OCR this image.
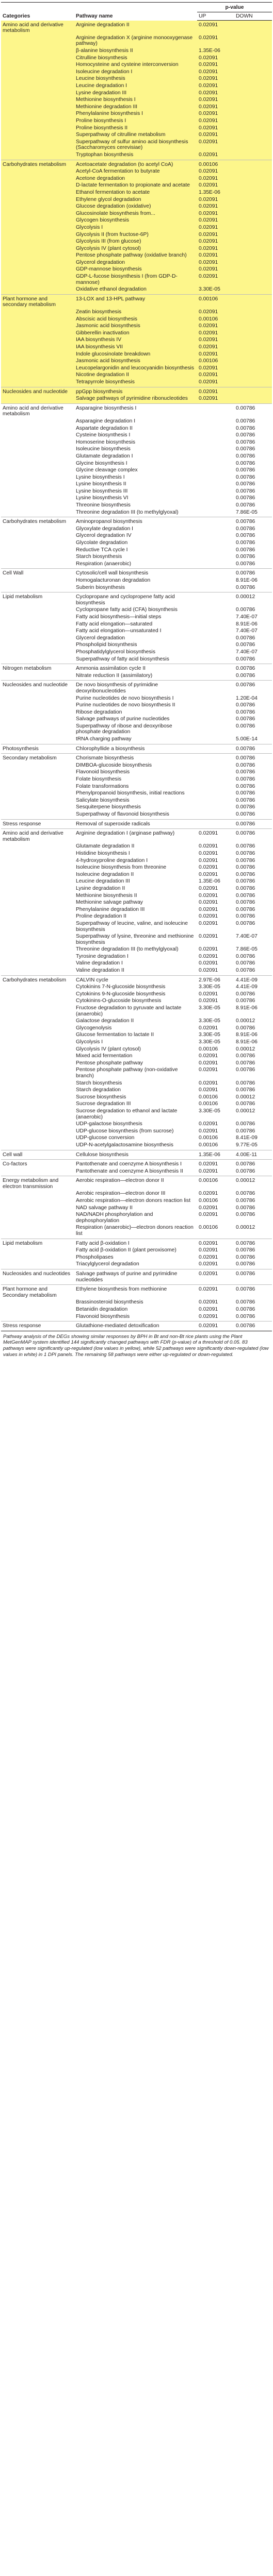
Categories	Pathway name	p-value	
		UP	DOWN
Amino acid and derivative metabolism	Arginine degradation II	0.02091	
	Arginine degradation X (arginine monooxygenase pathway)	0.02091	
	β-alanine biosynthesis II	1.35E-06	
	Citrulline biosynthesis	0.02091	
	Homocysteine and cysteine interconversion	0.02091	
	Isoleucine degradation I	0.02091	
	Leucine biosynthesis	0.02091	
	Leucine degradation I	0.02091	
	Lysine degradation III	0.02091	
	Methionine biosynthesis I	0.02091	
	Methionine degradation III	0.02091	
	Phenylalanine biosynthesis I	0.02091	
	Proline biosynthesis I	0.02091	
	Proline biosynthesis II	0.02091	
	Superpathway of citrulline metabolism	0.02091	
	Superpathway of sulfur amino acid biosynthesis (Saccharomyces cerevisiae)	0.02091	
	Tryptophan biosynthesis	0.02091	
Carbohydrates metabolism	Acetoacetate degradation (to acetyl CoA)	0.00106	
	Acetyl-CoA fermentation to butyrate	0.02091	
	Acetone degradation	0.02091	
	D-lactate fermentation to propionate and acetate	0.02091	
	Ethanol fermentation to acetate	1.35E-06	
	Ethylene glycol degradation	0.02091	
	Glucose degradation (oxidative)	0.02091	
	Glucosinolate biosynthesis from...	0.02091	
	Glycogen biosynthesis	0.02091	
	Glycolysis I	0.02091	
	Glycolysis II (from fructose-6P)	0.02091	
	Glycolysis III (from glucose)	0.02091	
	Glycolysis IV (plant cytosol)	0.02091	
	Pentose phosphate pathway (oxidative branch)	0.02091	
	Glycerol degradation	0.02091	
	GDP-mannose biosynthesis	0.02091	
	GDP-L-fucose biosynthesis I (from GDP-D-mannose)	0.02091	
	Oxidative ethanol degradation	3.30E-05	
Plant hormone and secondary metabolism	13-LOX and 13-HPL pathway	0.00106	
	Zeatin biosynthesis	0.02091	
	Abscisic acid biosynthesis	0.00106	
	Jasmonic acid biosynthesis	0.02091	
	Gibberellin inactivation	0.02091	
	IAA biosynthesis IV	0.02091	
	IAA biosynthesis VII	0.02091	
	Indole glucosinolate breakdown	0.02091	
	Jasmonic acid biosynthesis	0.00106	
	Leucopelargonidin and leucocyanidin biosynthesis	0.02091	
	Nicotine degradation II	0.02091	
	Tetrapyrrole biosynthesis	0.02091	
Nucleosides and nucleotide	ppGpp biosynthesis	0.02091	
	Salvage pathways of pyrimidine ribonucleotides	0.02091	
Amino acid and derivative metabolism	Asparagine biosynthesis I		0.00786
	Asparagine degradation I		0.00786
	Aspartate degradation II		0.00786
	Cysteine biosynthesis I		0.00786
	Homoserine biosynthesis		0.00786
	Isoleucine biosynthesis		0.00786
	Glutamate degradation I		0.00786
	Glycine biosynthesis I		0.00786
	Glycine cleavage complex		0.00786
	Lysine biosynthesis I		0.00786
	Lysine biosynthesis II		0.00786
	Lysine biosynthesis III		0.00786
	Lysine biosynthesis VI		0.00786
	Threonine biosynthesis		0.00786
	Threonine degradation III (to methylglyoxal)		7.86E-05
Carbohydrates metabolism	Aminopropanol biosynthesis		0.00786
	Glyoxylate degradation I		0.00786
	Glycerol degradation IV		0.00786
	Glycolate degradation		0.00786
	Reductive TCA cycle I		0.00786
	Starch biosynthesis		0.00786
	Respiration (anaerobic)		0.00786
Cell Wall	Cytosolic/cell wall biosynthesis		0.00786
	Homogalacturonan degradation		8.91E-06
	Suberin biosynthesis		0.00786
Lipid metabolism	Cyclopropane and cyclopropene fatty acid biosynthesis		0.00012
	Cyclopropane fatty acid (CFA) biosynthesis		0.00786
	Fatty acid biosynthesis—initial steps		7.40E-07
	Fatty acid elongation—saturated		8.91E-06
	Fatty acid elongation—unsaturated I		7.40E-07
	Glycerol degradation		0.00786
	Phospholipid biosynthesis		0.00786
	Phosphatidylglycerol biosynthesis		7.40E-07
	Superpathway of fatty acid biosynthesis		0.00786
Nitrogen metabolism	Ammonia assimilation cycle II		0.00786
	Nitrate reduction II (assimilatory)		0.00786
Nucleosides and nucleotide	De novo biosynthesis of pyrimidine deoxyribonucleotides		0.00786
	Purine nucleotides de novo biosynthesis I		1.20E-04
	Purine nucleotides de novo biosynthesis II		0.00786
	Ribose degradation		0.00786
	Salvage pathways of purine nucleotides		0.00786
	Superpathway of ribose and deoxyribose phosphate degradation		0.00786
	tRNA charging pathway		5.00E-14
Photosynthesis	Chlorophyllide a biosynthesis		0.00786
Secondary metabolism	Chorismate biosynthesis		0.00786
	DIMBOA-glucoside biosynthesis		0.00786
	Flavonoid biosynthesis		0.00786
	Folate biosynthesis		0.00786
	Folate transformations		0.00786
	Phenylpropanoid biosynthesis, initial reactions		0.00786
	Salicylate biosynthesis		0.00786
	Sesquiterpene biosynthesis		0.00786
	Superpathway of flavonoid biosynthesis		0.00786
Stress response	Removal of superoxide radicals		0.00786
Amino acid and derivative metabolism	Arginine degradation I (arginase pathway)	0.02091	0.00786
	Glutamate degradation II	0.02091	0.00786
	Histidine biosynthesis I	0.02091	0.00786
	4-hydroxyproline degradation I	0.02091	0.00786
	Isoleucine biosynthesis from threonine	0.02091	0.00786
	Isoleucine degradation II	0.02091	0.00786
	Leucine degradation III	1.35E-06	0.00786
	Lysine degradation II	0.02091	0.00786
	Methionine biosynthesis II	0.02091	0.00786
	Methionine salvage pathway	0.02091	0.00786
	Phenylalanine degradation III	0.02091	0.00786
	Proline degradation II	0.02091	0.00786
	Superpathway of leucine, valine, and isoleucine biosynthesis	0.02091	0.00786
	Superpathway of lysine, threonine and methionine biosynthesis	0.02091	7.40E-07
	Threonine degradation III (to methylglyoxal)	0.02091	7.86E-05
	Tyrosine degradation I	0.02091	0.00786
	Valine degradation I	0.02091	0.00786
	Valine degradation II	0.02091	0.00786
Carbohydrates metabolism	CALVIN cycle	2.97E-06	4.41E-09
	Cytokinins 7-N-glucoside biosynthesis	3.30E-05	4.41E-09
	Cytokinins 9-N-glucoside biosynthesis	0.02091	0.00786
	Cytokinins-O-glucoside biosynthesis	0.02091	0.00786
	Fructose degradation to pyruvate and lactate (anaerobic)	3.30E-05	8.91E-06
	Galactose degradation II	3.30E-05	0.00012
	Glycogenolysis	0.02091	0.00786
	Glucose fermentation to lactate II	3.30E-05	8.91E-06
	Glycolysis I	3.30E-05	8.91E-06
	Glycolysis IV (plant cytosol)	0.00106	0.00012
	Mixed acid fermentation	0.02091	0.00786
	Pentose phosphate pathway	0.02091	0.00786
	Pentose phosphate pathway (non-oxidative branch)	0.02091	0.00786
	Starch biosynthesis	0.02091	0.00786
	Starch degradation	0.02091	0.00786
	Sucrose biosynthesis	0.00106	0.00012
	Sucrose degradation III	0.00106	0.00786
	Sucrose degradation to ethanol and lactate (anaerobic)	3.30E-05	0.00012
	UDP-galactose biosynthesis	0.02091	0.00786
	UDP-glucose biosynthesis (from sucrose)	0.02091	0.00786
	UDP-glucose conversion	0.00106	8.41E-09
	UDP-N-acetylgalactosamine biosynthesis	0.00106	9.77E-05
Cell wall	Cellulose biosynthesis	1.35E-06	4.00E-11
Co-factors	Pantothenate and coenzyme A biosynthesis I	0.02091	0.00786
	Pantothenate and coenzyme A biosynthesis II	0.02091	0.00786
Energy metabolism and electron transmission	Aerobic respiration—electron donor II	0.00106	0.00012
	Aerobic respiration—electron donor III	0.02091	0.00786
	Aerobic respiration—electron donors reaction list	0.00106	0.00786
	NAD salvage pathway II	0.02091	0.00786
	NAD/NADH phosphorylation and dephosphorylation	0.02091	0.00786
	Respiration (anaerobic)—electron donors reaction list	0.00106	0.00012
Lipid metabolism	Fatty acid β-oxidation I	0.02091	0.00786
	Fatty acid β-oxidation II (plant peroxisome)	0.02091	0.00786
	Phospholipases	0.02091	0.00786
	Triacylglycerol degradation	0.02091	0.00786
Nucleosides and nucleotides	Salvage pathways of purine and pyrimidine nucleotides	0.02091	0.00786
Plant hormone and Secondary metabolism	Ethylene biosynthesis from methionine	0.02091	0.00786
	Brassinosteroid biosynthesis	0.02091	0.00786
	Betanidin degradation	0.02091	0.00786
	Flavonoid biosynthesis	0.02091	0.00786
Stress response	Glutathione-mediated detoxification	0.02091	0.00786
Pathway analysis of the DEGs showing similar responses by BPH in Bt and non-Bt rice plants using the Plant MetGenMAP system identified 144 significantly changed pathways with FDR (p-value) of a threshold of 0.05. 83 pathways were significantly up-regulated (low values in yellow), while 52 pathways were significantly down-regulated (low values in white) in 1 DPI panels. The remaining 58 pathways were either up-regulated or down-regulated.
